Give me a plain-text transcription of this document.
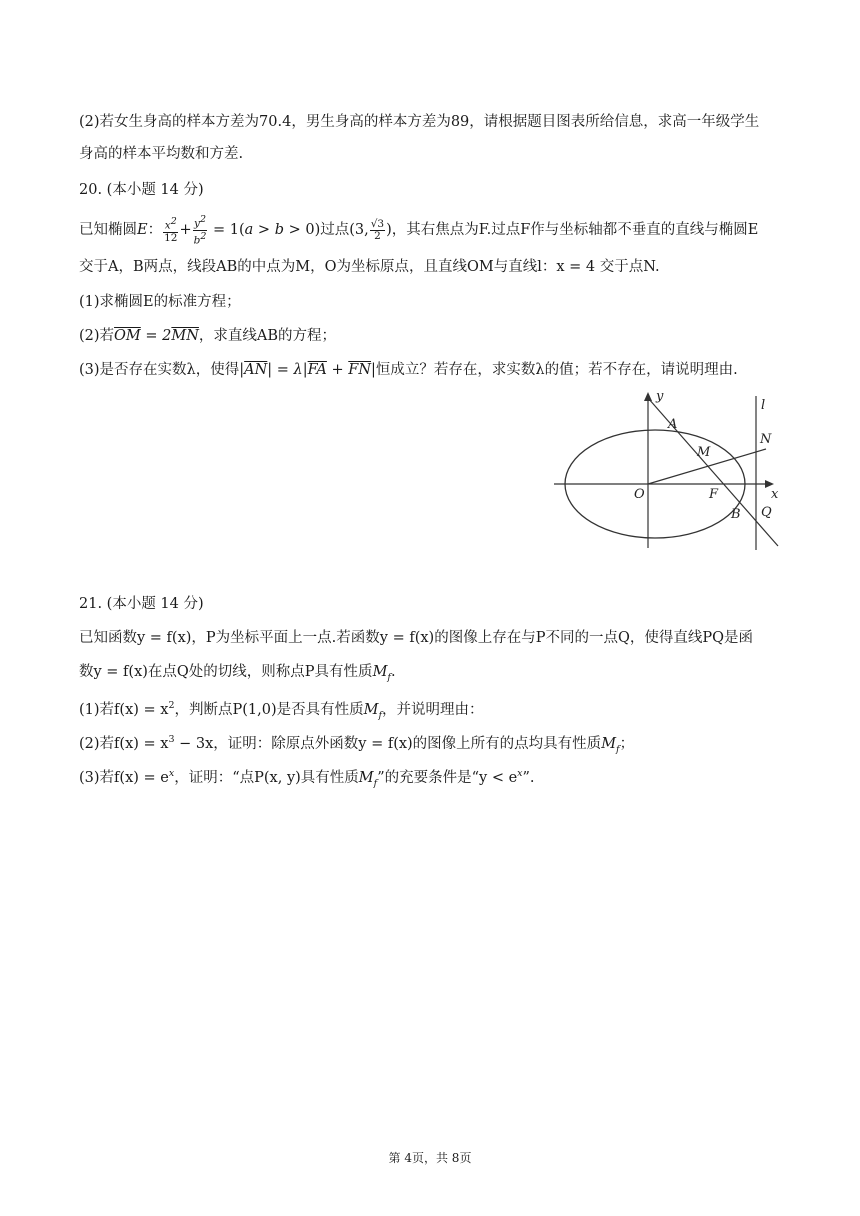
(2)若女生身高的样本方差为70.4，男生身高的样本方差为89，请根据题目图表所给信息，求高一年级学生
身高的样本平均数和方差.
20. (本小题 14 分)
已知椭圆E： $\frac{x^2}{12} + \frac{y^2}{b^2} = 1(a > b > 0)$过点(3, $\frac{√3}{2}$ )，其右焦点为F.过点F作与坐标轴都不垂直的直线与椭圆E
交于A，B两点，线段AB的中点为M，O为坐标原点，且直线OM与直线l：x = 4 交于点N.
(1)求椭圆E的标准方程；
(2)若$\overline{OM} = 2\overline{MN}$，求直线AB的方程；
(3)是否存在实数λ，使得$|\overline{AN}| = \lambda|\overline{FA} + \overline{FN}|$恒成立？若存在，求实数λ的值；若不存在，请说明理由.
y
l
A
N
M
O	F	x
B Q
21. (本小题 14 分)
已知函数y = f(x)，P为坐标平面上一点.若函数y = f(x)的图像上存在与P不同的一点Q，使得直线PQ是函
数y = f(x)在点Q处的切线，则称点P具有性质$M_f$.
(1)若$f(x) = x^2$，判断点P(1,0)是否具有性质$M_f$，并说明理由：
(2)若$f(x) = x^3 - 3x$，证明：除原点外函数y = f(x)的图像上所有的点均具有性质$M_f$；
(3)若$f(x) = e^x$，证明：“点P(x, y)具有性质$M_f$”的充要条件是“$y < e^x$”.
第 4页，共 8页
